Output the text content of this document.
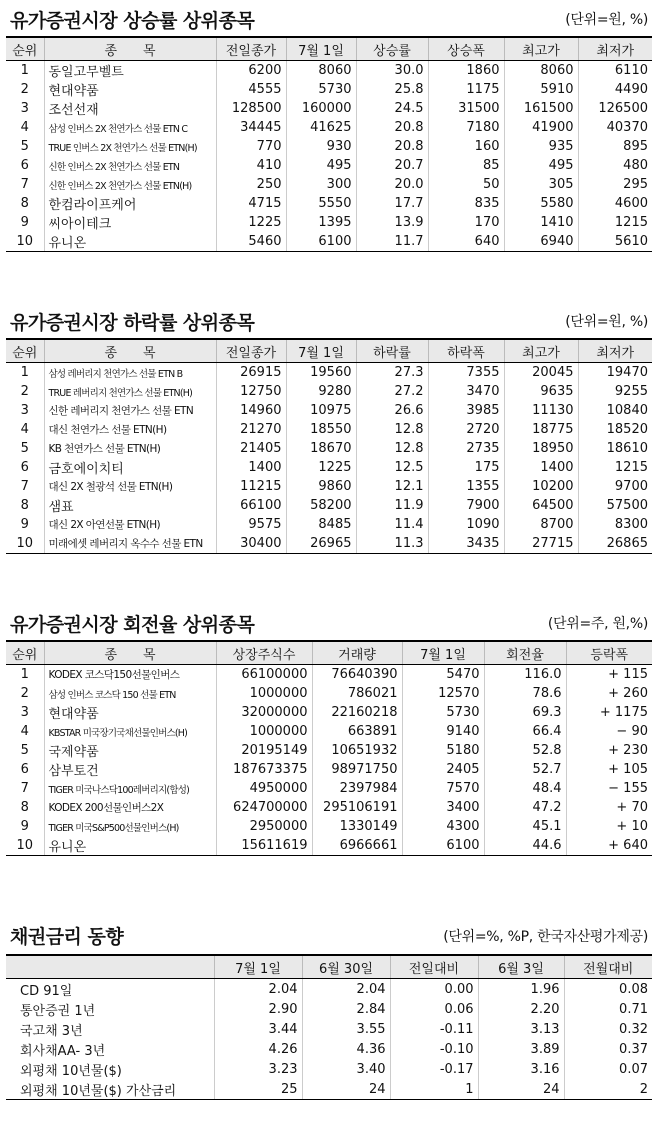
유가증권시장 상승률 상위종목	(단위=원, %)
순위	종　　목	전일종가	7월 1일	상승률	상승폭	최고가	최저가
1	동일고무벨트	6200	8060	30.0	1860	8060	6110
2	현대약품	4555	5730	25.8	1175	5910	4490
3	조선선재	128500	160000	24.5	31500	161500	126500
4	삼성 인버스 2X 천연가스 선물 ETN C	34445	41625	20.8	7180	41900	40370
5	TRUE 인버스 2X 천연가스 선물 ETN(H)	770	930	20.8	160	935	895
6	신한 인버스 2X 천연가스 선물 ETN	410	495	20.7	85	495	480
7	신한 인버스 2X 천연가스 선물 ETN(H)	250	300	20.0	50	305	295
8	한컴라이프케어	4715	5550	17.7	835	5580	4600
9	씨아이테크	1225	1395	13.9	170	1410	1215
10	유니온	5460	6100	11.7	640	6940	5610
유가증권시장 하락률 상위종목	(단위=원, %)
순위	종　　목	전일종가	7월 1일	하락률	하락폭	최고가	최저가
1	삼성 레버리지 천연가스 선물 ETN B	26915	19560	27.3	7355	20045	19470
2	TRUE 레버리지 천연가스 선물 ETN(H)	12750	9280	27.2	3470	9635	9255
3	신한 레버리지 천연가스 선물 ETN	14960	10975	26.6	3985	11130	10840
4	대신 천연가스 선물 ETN(H)	21270	18550	12.8	2720	18775	18520
5	KB 천연가스 선물 ETN(H)	21405	18670	12.8	2735	18950	18610
6	금호에이치티	1400	1225	12.5	175	1400	1215
7	대신 2X 철광석 선물 ETN(H)	11215	9860	12.1	1355	10200	9700
8	샘표	66100	58200	11.9	7900	64500	57500
9	대신 2X 아연선물 ETN(H)	9575	8485	11.4	1090	8700	8300
10	미래에셋 레버리지 옥수수 선물 ETN	30400	26965	11.3	3435	27715	26865
유가증권시장 회전율 상위종목	(단위=주, 원,%)
순위	종　　목	상장주식수	거래량	7월 1일	회전율	등락폭
1	KODEX 코스닥150선물인버스	66100000	76640390	5470	116.0	+ 115
2	삼성 인버스 코스닥 150 선물 ETN	1000000	786021	12570	78.6	+ 260
3	현대약품	32000000	22160218	5730	69.3	+ 1175
4	KBSTAR 미국장기국채선물인버스(H)	1000000	663891	9140	66.4	− 90
5	국제약품	20195149	10651932	5180	52.8	+ 230
6	삼부토건	187673375	98971750	2405	52.7	+ 105
7	TIGER 미국나스닥100레버리지(합성)	4950000	2397984	7570	48.4	− 155
8	KODEX 200선물인버스2X	624700000	295106191	3400	47.2	+ 70
9	TIGER 미국S&P500선물인버스(H)	2950000	1330149	4300	45.1	+ 10
10	유니온	15611619	6966661	6100	44.6	+ 640
채권금리 동향	(단위=%, %P, 한국자산평가제공)
	7월 1일	6월 30일	전일대비	6월 3일	전월대비
CD 91일	2.04	2.04	0.00	1.96	0.08
통안증권 1년	2.90	2.84	0.06	2.20	0.71
국고채 3년	3.44	3.55	-0.11	3.13	0.32
회사채AA- 3년	4.26	4.36	-0.10	3.89	0.37
외평채 10년물($)	3.23	3.40	-0.17	3.16	0.07
외평채 10년물($) 가산금리	25	24	1	24	2
